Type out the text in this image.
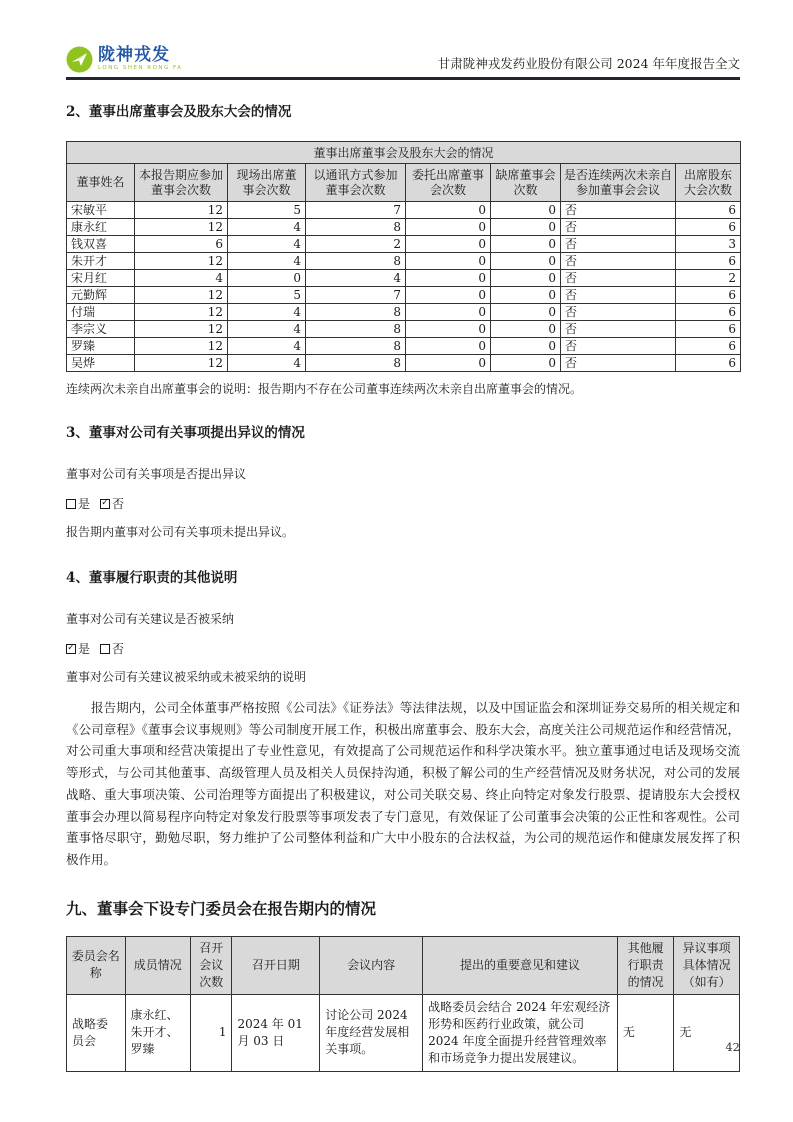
陇神戎发
LONG SHEN RONG FA	甘肃陇神戎发药业股份有限公司 2024 年年度报告全文
2、董事出席董事会及股东大会的情况
董事出席董事会及股东大会的情况							
董事姓名	本报告期应参加董事会次数	现场出席董事会次数	以通讯方式参加董事会次数	委托出席董事会次数	缺席董事会次数	是否连续两次未亲自参加董事会会议	出席股东大会次数
宋敏平	12	5	7	0	0	否	6
康永红	12	4	8	0	0	否	6
钱双喜	6	4	2	0	0	否	3
朱开才	12	4	8	0	0	否	6
宋月红	4	0	4	0	0	否	2
元勤辉	12	5	7	0	0	否	6
付瑞	12	4	8	0	0	否	6
李宗义	12	4	8	0	0	否	6
罗臻	12	4	8	0	0	否	6
吴烨	12	4	8	0	0	否	6
连续两次未亲自出席董事会的说明：报告期内不存在公司董事连续两次未亲自出席董事会的情况。
3、董事对公司有关事项提出异议的情况
董事对公司有关事项是否提出异议
是 ✓ 否
报告期内董事对公司有关事项未提出异议。
4、董事履行职责的其他说明
董事对公司有关建议是否被采纳
✓ 是 否
董事对公司有关建议被采纳或未被采纳的说明
报告期内，公司全体董事严格按照《公司法》《证券法》等法律法规，以及中国证监会和深圳证券交易所的相关规定和《公司章程》《董事会议事规则》等公司制度开展工作，积极出席董事会、股东大会，高度关注公司规范运作和经营情况，对公司重大事项和经营决策提出了专业性意见，有效提高了公司规范运作和科学决策水平。独立董事通过电话及现场交流等形式，与公司其他董事、高级管理人员及相关人员保持沟通，积极了解公司的生产经营情况及财务状况，对公司的发展战略、重大事项决策、公司治理等方面提出了积极建议，对公司关联交易、终止向特定对象发行股票、提请股东大会授权董事会办理以简易程序向特定对象发行股票等事项发表了专门意见，有效保证了公司董事会决策的公正性和客观性。公司董事恪尽职守，勤勉尽职，努力维护了公司整体利益和广大中小股东的合法权益，为公司的规范运作和健康发展发挥了积极作用。
九、董事会下设专门委员会在报告期内的情况
委员会名称	成员情况	召开会议次数	召开日期	会议内容	提出的重要意见和建议	其他履行职责的情况	异议事项具体情况（如有）
战略委员会	康永红、朱开才、罗臻	1	2024 年 01 月 03 日	讨论公司 2024 年度经营发展相关事项。	战略委员会结合 2024 年宏观经济形势和医药行业政策，就公司 2024 年度全面提升经营管理效率和市场竞争力提出发展建议。	无	无
42
